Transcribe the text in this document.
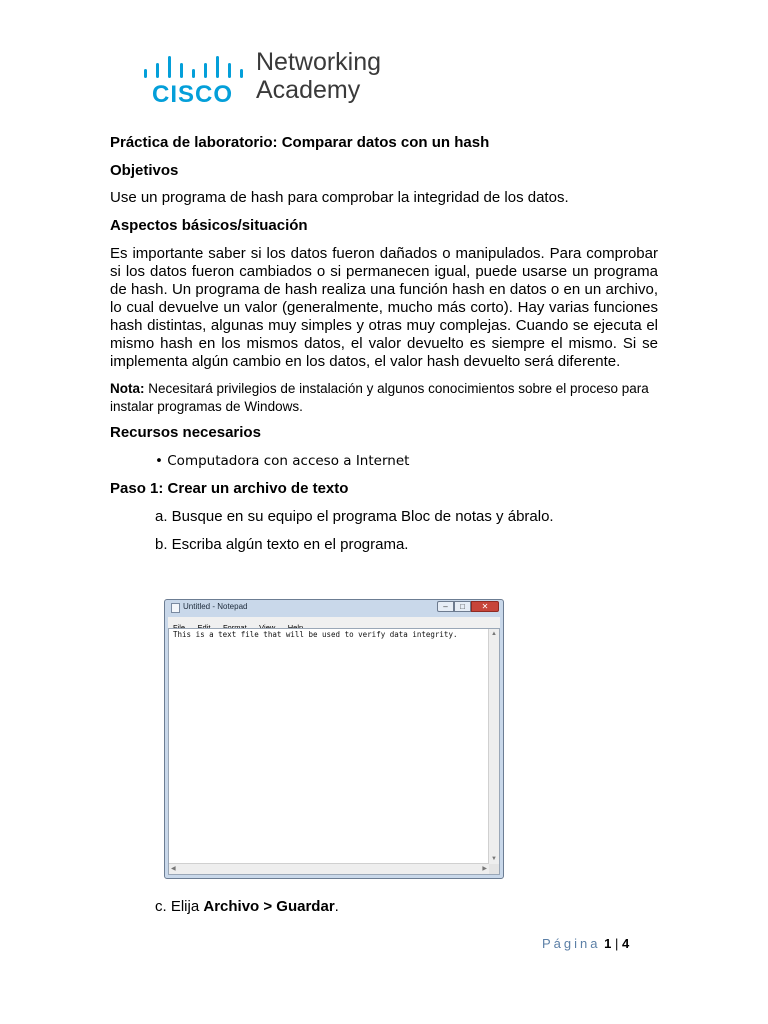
CISCO
Networking
Academy
Práctica de laboratorio: Comparar datos con un hash
Objetivos
Use un programa de hash para comprobar la integridad de los datos.
Aspectos básicos/situación
Es importante saber si los datos fueron dañados o manipulados. Para comprobar si los datos fueron cambiados o si permanecen igual, puede usarse un programa de hash. Un programa de hash realiza una función hash en datos o en un archivo, lo cual devuelve un valor (generalmente, mucho más corto). Hay varias funciones hash distintas, algunas muy simples y otras muy complejas. Cuando se ejecuta el mismo hash en los mismos datos, el valor devuelto es siempre el mismo. Si se implementa algún cambio en los datos, el valor hash devuelto será diferente.
Nota: Necesitará privilegios de instalación y algunos conocimientos sobre el proceso para instalar programas de Windows.
Recursos necesarios
• Computadora con acceso a Internet
Paso 1: Crear un archivo de texto
a. Busque en su equipo el programa Bloc de notas y ábralo.
b. Escriba algún texto en el programa.
Untitled - Notepad	–	□	✕

This is a text file that will be used to verify data integrity.	▲
▼
◀	▶
c. Elija Archivo > Guardar.
Página 1 | 4
